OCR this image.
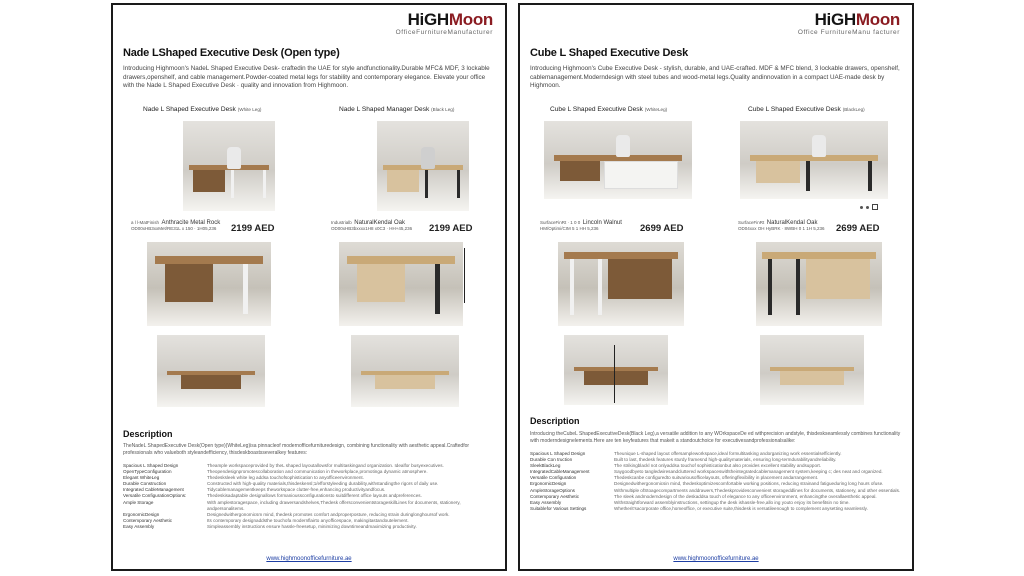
HiGHMoon
OfficeFurnitureManufacturer
Nade LShaped Executive Desk (Open type)
Introducing Highmoon's NadeL Shaped Executive Desk- craftedin the UAE for style andfunctionality.Durable MFC& MDF, 3 lockable drawers,openshelf, and cable management.Powder-coated metal legs for stability and contemporary elegance. Elevate your office with the Nade L Shaped Executive Desk · quality and innovation from Highmoon.
Nade L Shaped Executive Desk (White Leg)
a l l-MatFinish Anthracite Metal Rock
OD00xHB3xxMet/RE31L x 150 · 1H05,236	2199 AED
Nade L Shaped Manager Desk (Black Leg)
Industrialb NaturalKendal Oak
OD00xHB3bxxxx1H8 x0C3 · HH+45,236 2199 AED
Description
TheNadeL ShapedExecutive Desk(Open type)(WhiteLeg)isa pinnacleof modernofficefurnituredesign, combining functionality with aesthetic appeal.Craftedfor professionals who valueboth styleandefficiency, thisdeskboastsseveralkey features:
Spacious L Shaped Design	Theample workspaceprovided by theL shaped layoutallowsfor multitaskingand organization. Idealfor busyexecutives.
OpenTypeConfiguration	Theopendesignpromotescollaboration and communication in theworkplace,promotinga dynamic atmosphere.
Elegant WhiteLeg	Thedesksleek white leg addsa touchofsophistication to anyofficeenvironment.
Durable Construction	Constructed with high-quality materials,thisdeskensl;1/efforstyleeding durability,withstandingthe rigors of daily use.
Integrated CableManagement	Tidycablemanagementkeeps theworkspace clutter-free,enhancing productivityandfocus.
Versatile ConfigurationOptions:	Thedeskisadaptable designallows formanioussconfigurationsto suitdifferent office layouts andpreferences.
Ample Storage	With amplestoragespace, including drawersandshelves,Thedesk offersconvenientstorageskillLines for documents, stationery, andpersonalitems.
ErgonomicDesign	Designedwithergonomicsm mind, thedesk promotes comfort andproperposture, reducing strain duringlonghoursof work.
Contemporary Aesthetic	Its contemporary designaddsthe touchofa modernflairto anyofficespace, makingitastandoutelement.
Easy Assembly	Simpleassembly instructions ensure hassle-freesetup, minimizing downtimeandmaximizing productivity.
www.highmoonofficefurniture.ae
HiGHMoon
Office FurnitureManu facturer
Cube L Shaped Executive Desk
Introducing Highmoon's Cube Executive Desk - stylish, durable, and UAE-crafted. MDF & MFC blend, 3 lockable drawers, openshelf, cablemanagement.Moderndesign with steel tubes and wood-metal legs.Quality andinnovation in a compact UAE-made desk by Highmoon.
Cube L Shaped Executive Desk (WhiteLeg)
SurfaceFinRt · 1 0 0 Lincoln Walnut
HM/Optimi/CIM 5 1 HH 5,236	2699 AED
Cube L Shaped Executive Desk (BlackLeg)
SurfaceFinRt NaturalKendal Oak
OD04xxx OH HyBRK · 8WBH 0 1 1H 5,236 2699 AED
Description
Introducing theCubeL ShapedExecutiveDesk(Black Leg),a versatile addition to any WOrkspaceDe ed withprecision andstyle, thisdeskseamlessly combines functionality with moderndesignelements.Here are ten keyfeatures that makeit a standoutchoice for executivesandprofessionalsalike:
Spacious L Shaped Design	Theunique L-shaped layout offersampleworkspace,ideal formultitasking andorganizing work essentialsefficiently.
Durable Con truction	Built to last, thedesk features sturdy framesnd high-qualitymaterials, ensuring long-termdurabilityandreliability.
SleekBlackLeg	The strikingblackl not onlyaddsa touchof sophisticationbut also provides excellent stability andsupport.
IntegratedCableManagement	Saygoodbyeto tangledwiresandcluttered workspaceswiththeintegratedcablemanagement system,keeping c; des neat and organized.
Versatile Configuration	Thedeskcanbe configuredto suitvariousofficelayouts, offeringflexibility in placement andarrangement.
ErgonomicDesign	Designedwithergonomicsin mind, thedeskoptimizescomfortable working positions, reducing strainand fatigueduring long hours ofuse.
AmpleStorageOptions	Withmultiple ofStoagecompartments anddrawers,Thedeskprovidesconvenient storageddlines for documents, stationery, and other essentials.
Contemporary Aesthetic	The sleek andmoderndesign of the deskaddsa touch of elegance to any officeenvironment, enhancingthe overallaesthetic appeal.
Easy Assembly	Withstraightforward assemblyinstructions, settingup the desk ishassle-free,allo ing youto enjoy its benefitsin no time.
Suitablefor Various Settings	Whetherit'sacorporate office,homeoffice, or executive suite,thisdesk is versatileenough to complement anysetting seamlessly.
www.highmoonofficefurniture.ae
